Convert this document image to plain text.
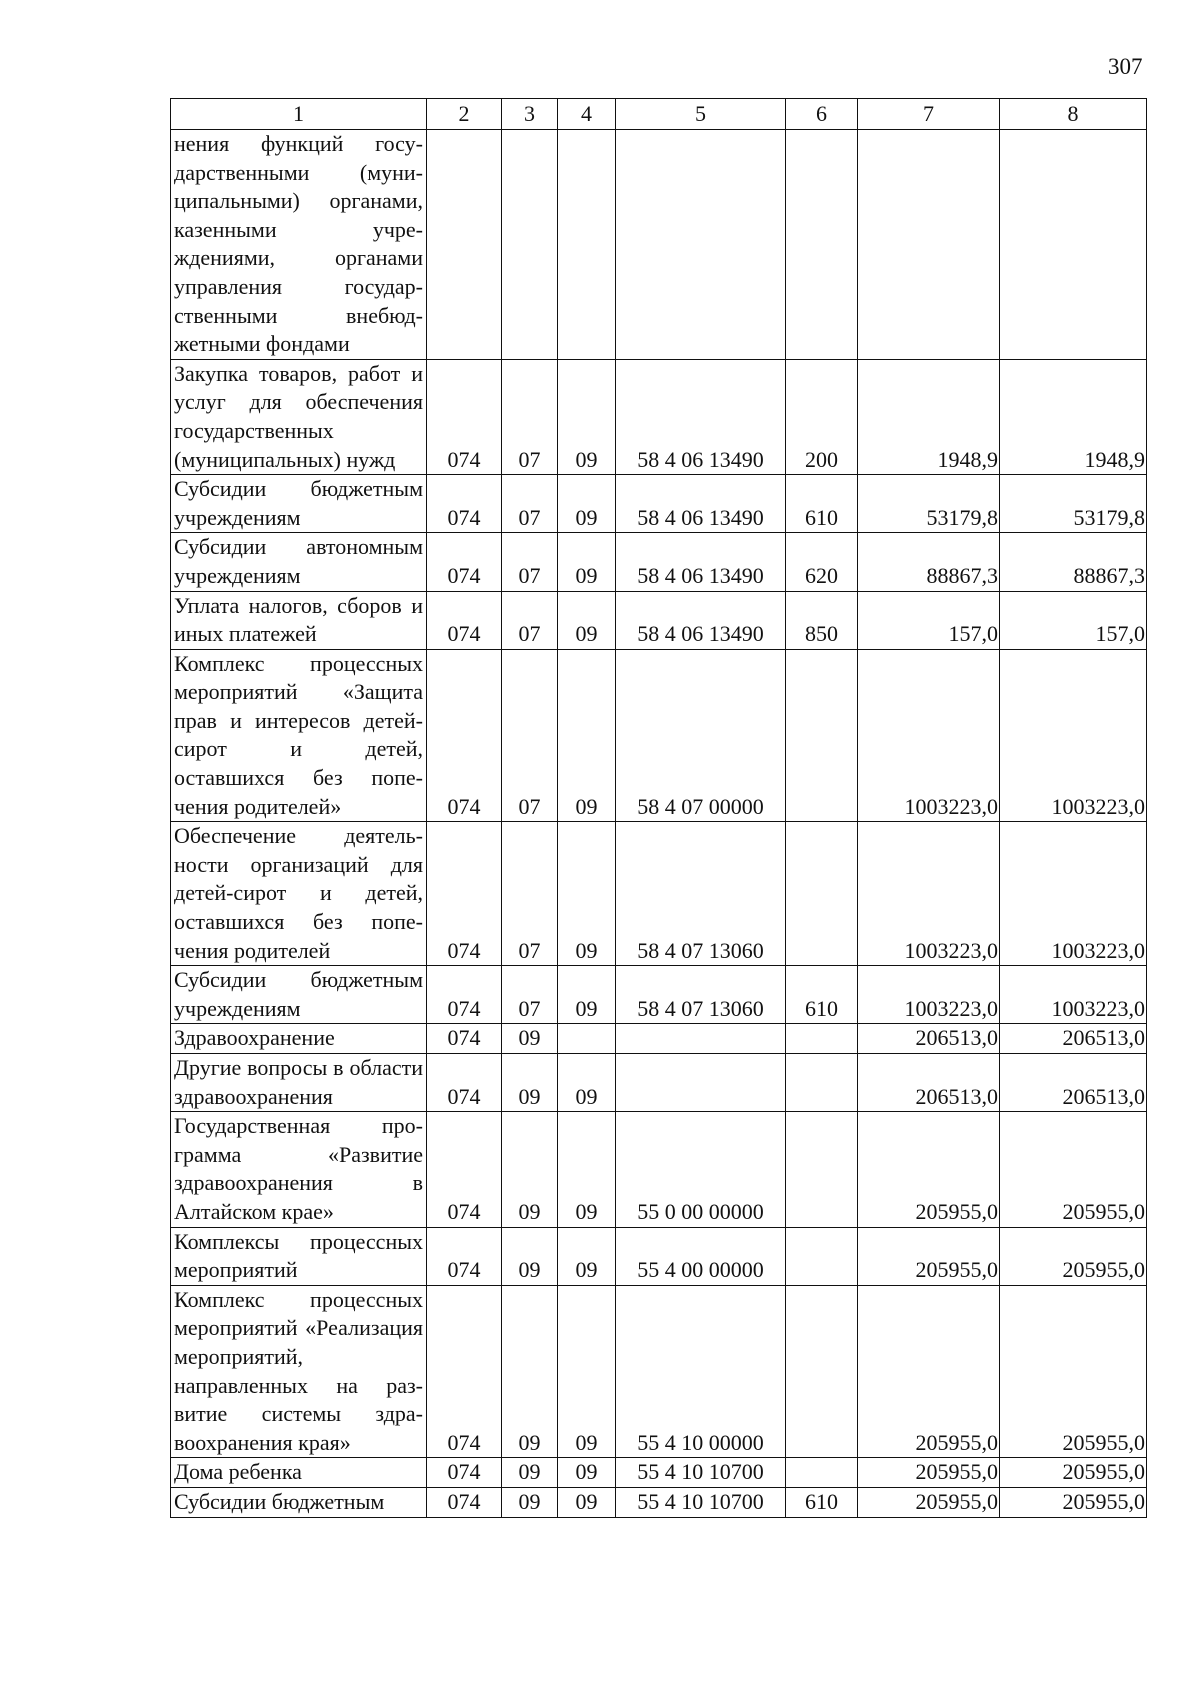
307
1	2	3	4	5	6	7	8
нения функций государственными (муниципальными) органами, казенными учреждениями, органами управления государственными внебюджетными фондами							
Закупка товаров, работ и услуг для обеспечения государственных (муниципальных) нужд	074	07	09	58 4 06 13490	200	1948,9	1948,9
Субсидии бюджетным учреждениям	074	07	09	58 4 06 13490	610	53179,8	53179,8
Субсидии автономным учреждениям	074	07	09	58 4 06 13490	620	88867,3	88867,3
Уплата налогов, сборов и иных платежей	074	07	09	58 4 06 13490	850	157,0	157,0
Комплекс процессных мероприятий «Защита прав и интересов детей-сирот и детей, оставшихся без попечения родителей»	074	07	09	58 4 07 00000		1003223,0	1003223,0
Обеспечение деятельности организаций для детей-сирот и детей, оставшихся без попечения родителей	074	07	09	58 4 07 13060		1003223,0	1003223,0
Субсидии бюджетным учреждениям	074	07	09	58 4 07 13060	610	1003223,0	1003223,0
Здравоохранение	074	09				206513,0	206513,0
Другие вопросы в области здравоохранения	074	09	09			206513,0	206513,0
Государственная программа «Развитие здравоохранения в Алтайском крае»	074	09	09	55 0 00 00000		205955,0	205955,0
Комплексы процессных мероприятий	074	09	09	55 4 00 00000		205955,0	205955,0
Комплекс процессных мероприятий «Реализация мероприятий, направленных на развитие системы здравоохранения края»	074	09	09	55 4 10 00000		205955,0	205955,0
Дома ребенка	074	09	09	55 4 10 10700		205955,0	205955,0
Субсидии бюджетным	074	09	09	55 4 10 10700	610	205955,0	205955,0
